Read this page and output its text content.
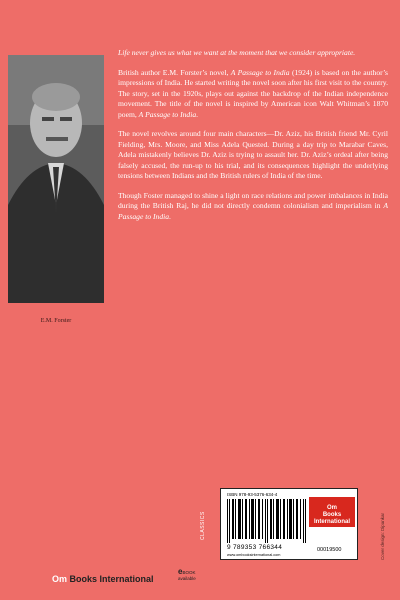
E.M. Forster

Life never gives us what we want at the moment that we consider appropriate.

British author E.M. Forster’s novel, A Passage to India (1924) is based on the author’s impressions of India. He started writing the novel soon after his first visit to the country. The story, set in the 1920s, plays out against the backdrop of the Indian independence movement. The title of the novel is inspired by American icon Walt Whitman’s 1870 poem, A Passage to India.

The novel revolves around four main characters—Dr. Aziz, his British friend Mr. Cyril Fielding, Mrs. Moore, and Miss Adela Quested. During a day trip to Marabar Caves, Adela mistakenly believes Dr. Aziz is trying to assault her. Dr. Aziz’s ordeal after being falsely accused, the run-up to his trial, and its consequences highlight the underlying tensions between Indians and the British rulers of India of the time.

Though Foster managed to shine a light on race relations and power imbalances in India during the British Raj, he did not directly condemn colonialism and imperialism in A Passage to India.

CLASSICS
ISBN 978-93-5376-634-4
9 789353 766344
www.ombooksinternational.com
Om
Books
International
00019500	Cover design: Dipankar
Om Books International
eBOOK
available
